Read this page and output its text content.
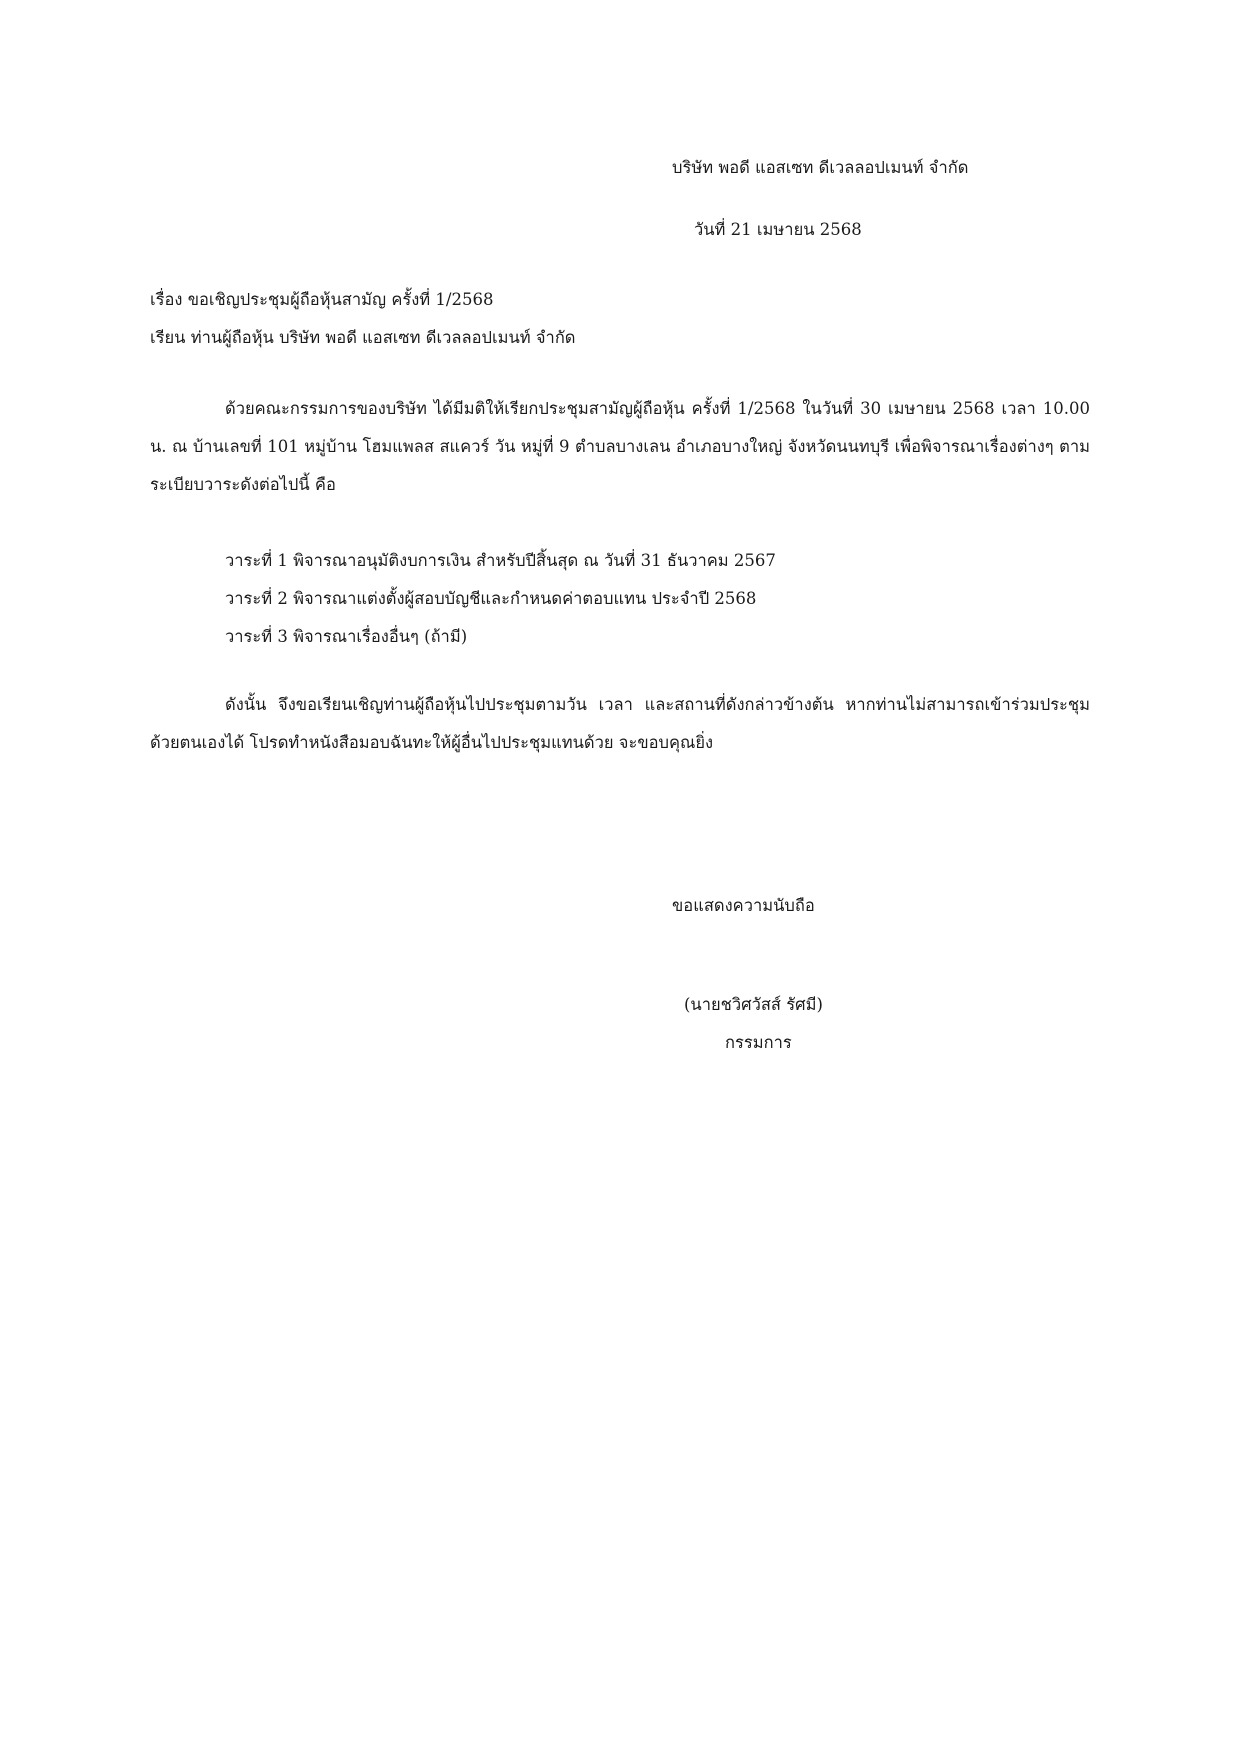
บริษัท พอดี แอสเซท ดีเวลลอปเมนท์ จำกัด
วันที่ 21 เมษายน 2568
เรื่อง ขอเชิญประชุมผู้ถือหุ้นสามัญ ครั้งที่ 1/2568
เรียน ท่านผู้ถือหุ้น บริษัท พอดี แอสเซท ดีเวลลอปเมนท์ จำกัด
ด้วยคณะกรรมการของบริษัท ได้มีมติให้เรียกประชุมสามัญผู้ถือหุ้น ครั้งที่ 1/2568 ในวันที่ 30 เมษายน 2568 เวลา 10.00 น. ณ บ้านเลขที่ 101 หมู่บ้าน โฮมแพลส สแควร์ วัน หมู่ที่ 9 ตำบลบางเลน อำเภอบางใหญ่ จังหวัดนนทบุรี เพื่อพิจารณาเรื่องต่างๆ ตามระเบียบวาระดังต่อไปนี้ คือ
วาระที่ 1 พิจารณาอนุมัติงบการเงิน สำหรับปีสิ้นสุด ณ วันที่ 31 ธันวาคม 2567
วาระที่ 2 พิจารณาแต่งตั้งผู้สอบบัญชีและกำหนดค่าตอบแทน ประจำปี 2568
วาระที่ 3 พิจารณาเรื่องอื่นๆ (ถ้ามี)
ดังนั้น จึงขอเรียนเชิญท่านผู้ถือหุ้นไปประชุมตามวัน เวลา และสถานที่ดังกล่าวข้างต้น หากท่านไม่สามารถเข้าร่วมประชุมด้วยตนเองได้ โปรดทำหนังสือมอบฉันทะให้ผู้อื่นไปประชุมแทนด้วย จะขอบคุณยิ่ง
ขอแสดงความนับถือ
(นายชวิศวัสส์ รัศมี)
กรรมการ
